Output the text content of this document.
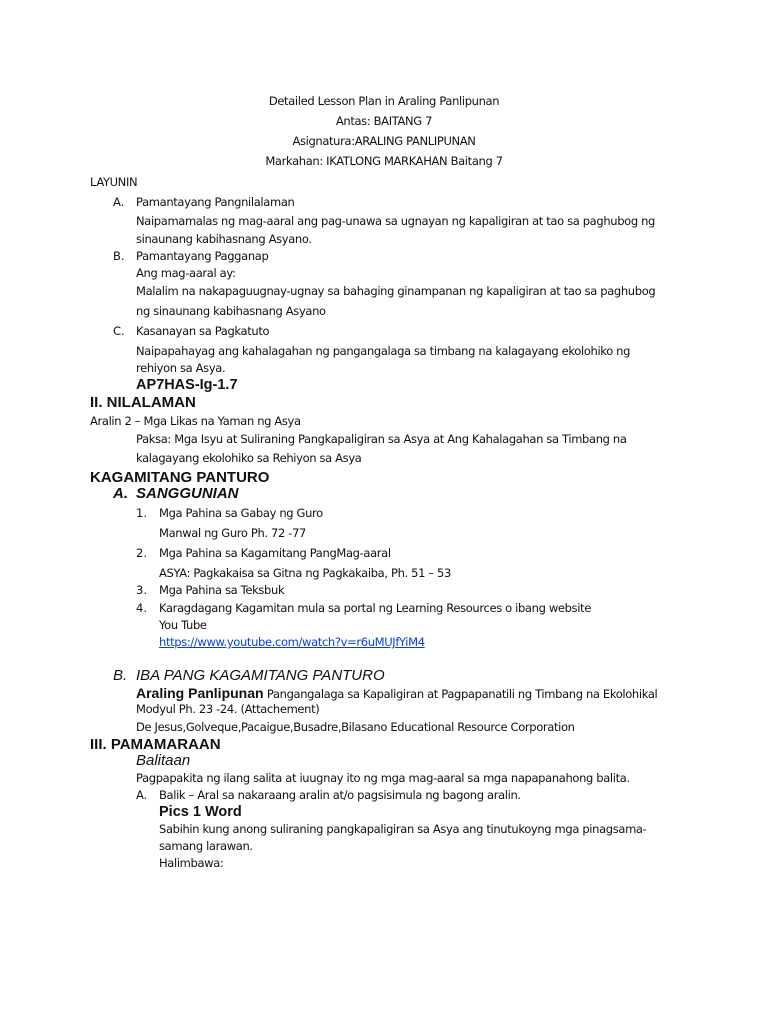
Detailed Lesson Plan in Araling Panlipunan
Antas: BAITANG 7
Asignatura:ARALING PANLIPUNAN
Markahan: IKATLONG MARKAHAN Baitang 7
LAYUNIN
A. Pamantayang Pangnilalaman
Naipamamalas ng mag-aaral ang pag-unawa sa ugnayan ng kapaligiran at tao sa paghubog ng
sinaunang kabihasnang Asyano.
B. Pamantayang Pagganap
Ang mag-aaral ay:
Malalim na nakapaguugnay-ugnay sa bahaging ginampanan ng kapaligiran at tao sa paghubog
ng sinaunang kabihasnang Asyano
C. Kasanayan sa Pagkatuto
Naipapahayag ang kahalagahan ng pangangalaga sa timbang na kalagayang ekolohiko ng
rehiyon sa Asya.
AP7HAS-Ig-1.7
II. NILALAMAN
Aralin 2 – Mga Likas na Yaman ng Asya
Paksa: Mga Isyu at Suliraning Pangkapaligiran sa Asya at Ang Kahalagahan sa Timbang na
kalagayang ekolohiko sa Rehiyon sa Asya
KAGAMITANG PANTURO
A. SANGGUNIAN
1. Mga Pahina sa Gabay ng Guro
Manwal ng Guro Ph. 72 -77
2. Mga Pahina sa Kagamitang PangMag-aaral
ASYA: Pagkakaisa sa Gitna ng Pagkakaiba, Ph. 51 – 53
3. Mga Pahina sa Teksbuk
4. Karagdagang Kagamitan mula sa portal ng Learning Resources o ibang website
You Tube
https://www.youtube.com/watch?v=r6uMUJfYiM4
B. IBA PANG KAGAMITANG PANTURO
Araling Panlipunan Pangangalaga sa Kapaligiran at Pagpapanatili ng Timbang na Ekolohikal
Modyul Ph. 23 -24. (Attachement)
De Jesus,Golveque,Pacaigue,Busadre,Bilasano Educational Resource Corporation
III. PAMAMARAAN
Balitaan
Pagpapakita ng ilang salita at iuugnay ito ng mga mag-aaral sa mga napapanahong balita.
A. Balik – Aral sa nakaraang aralin at/o pagsisimula ng bagong aralin.
Pics 1 Word
Sabihin kung anong suliraning pangkapaligiran sa Asya ang tinutukoyng mga pinagsama-
samang larawan.
Halimbawa:
